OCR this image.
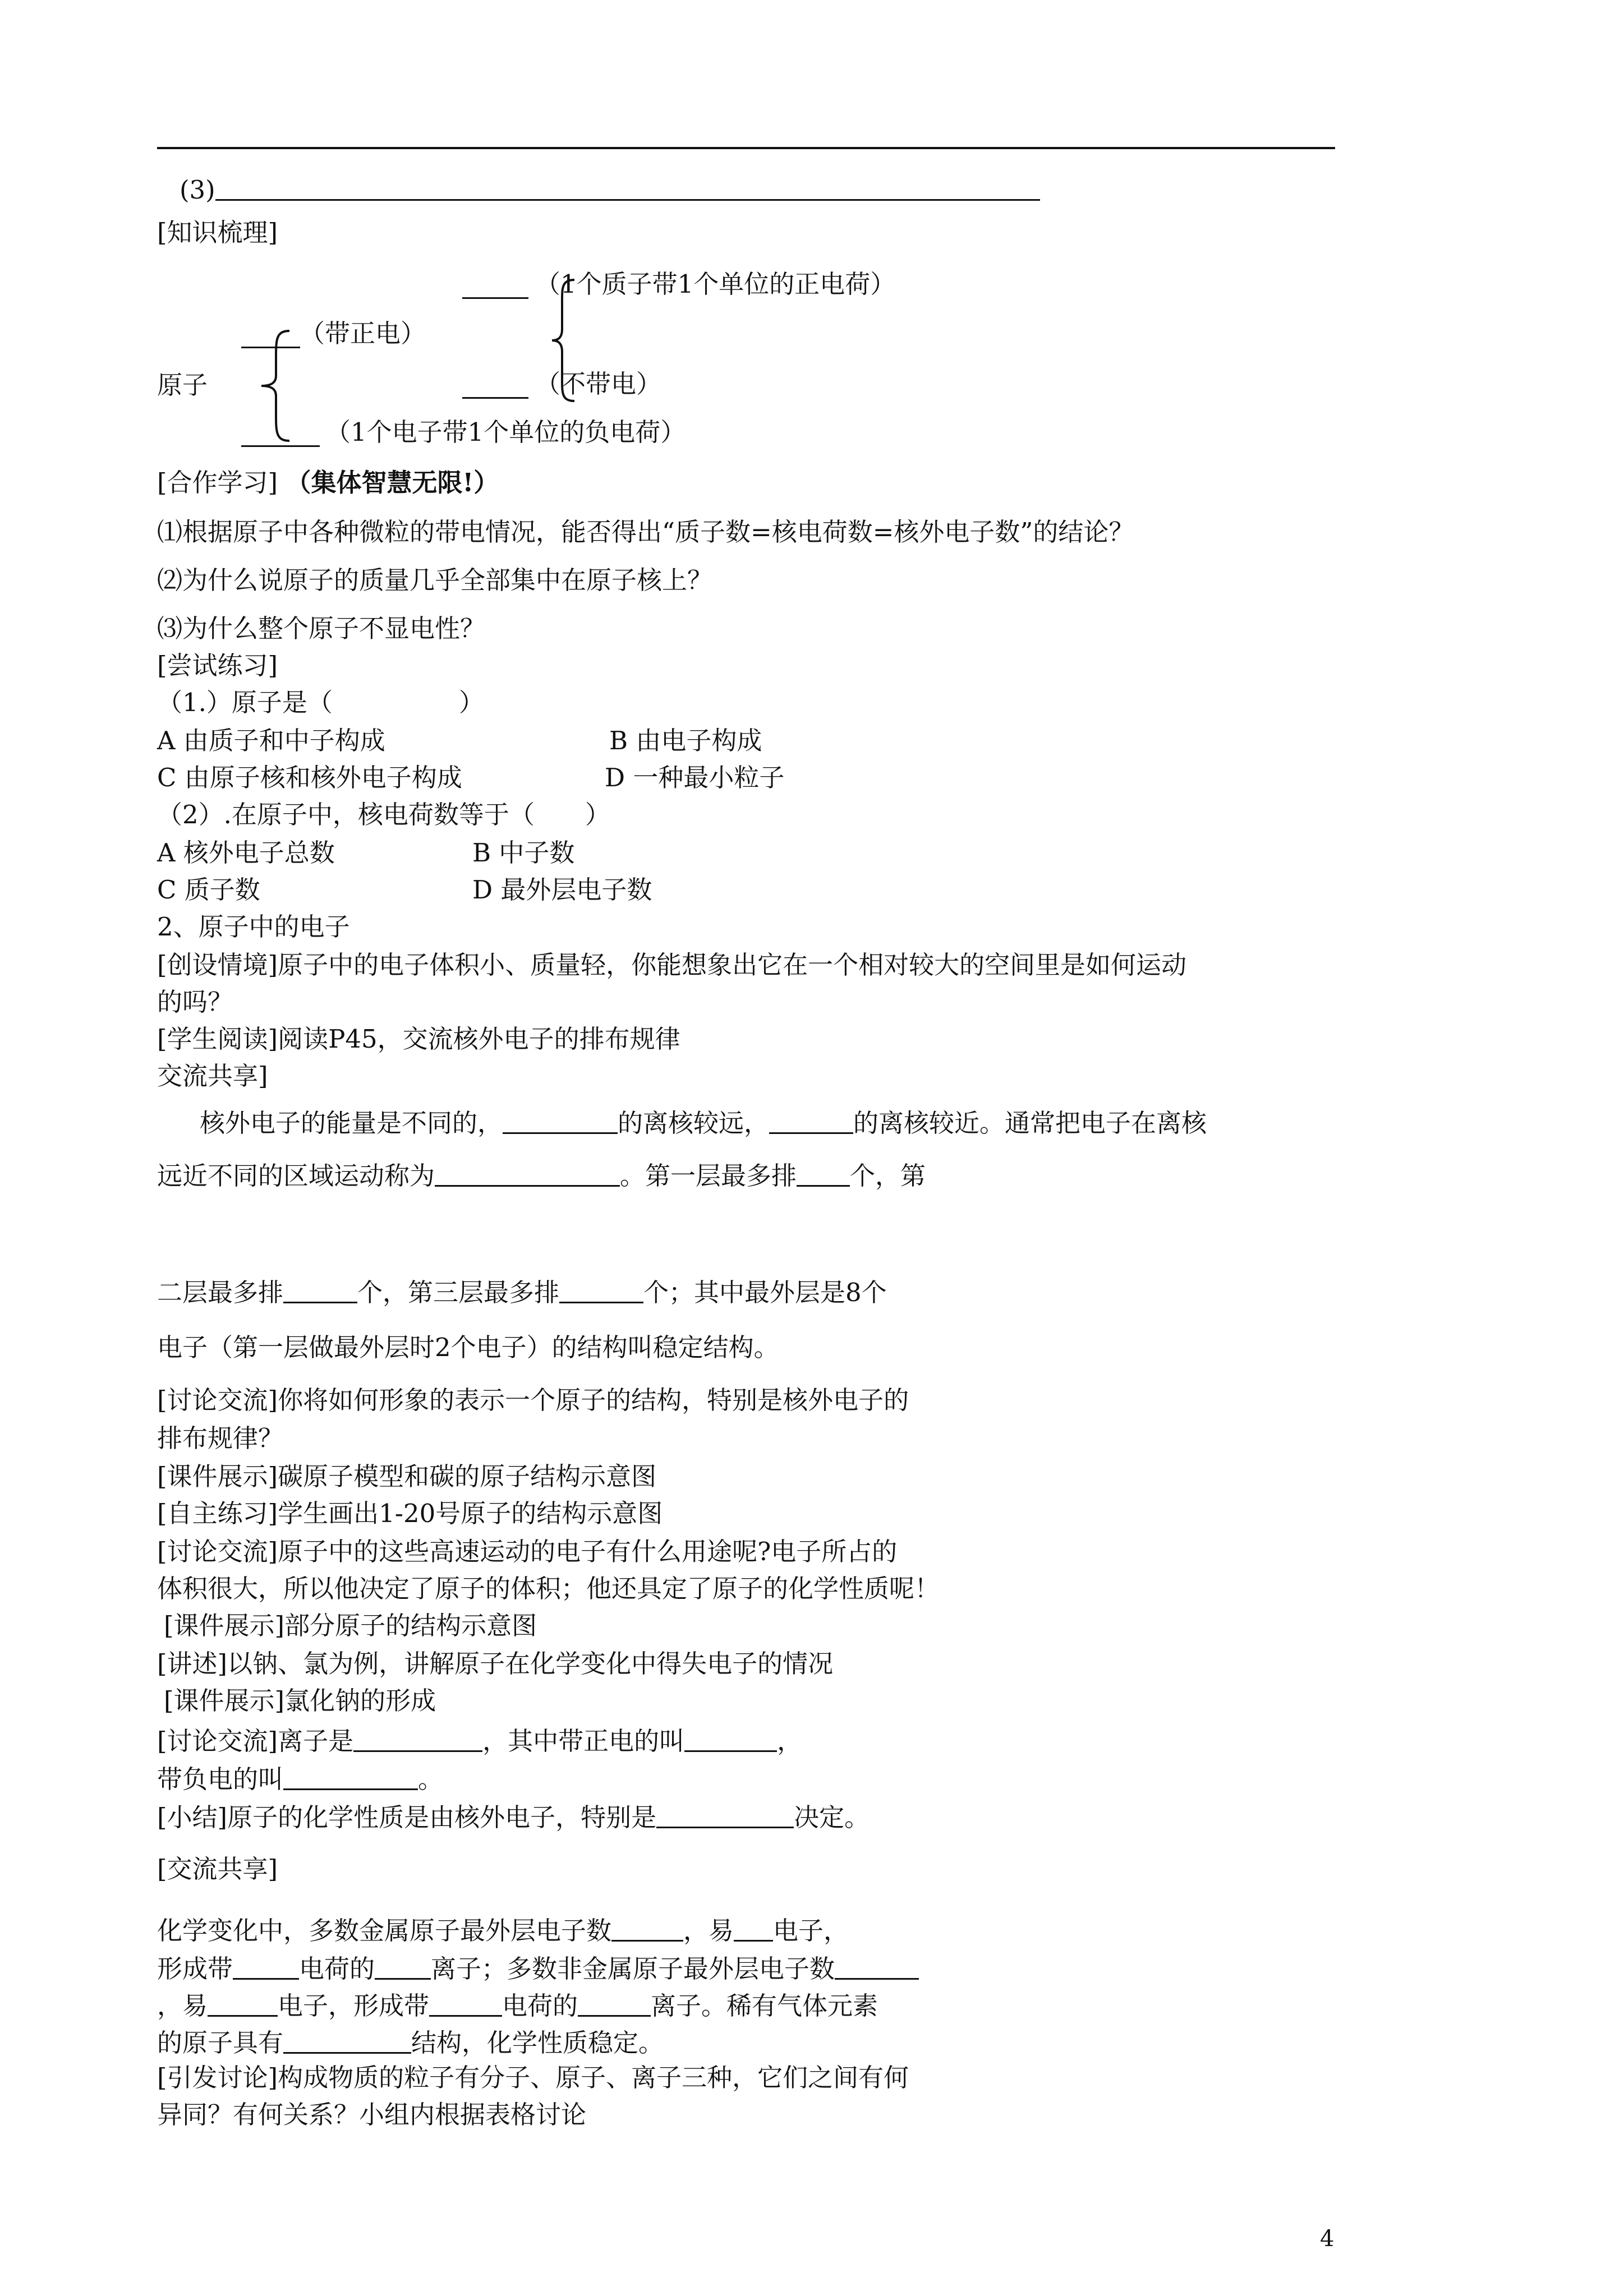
(3)
[知识梳理]
（1个质子带1个单位的正电荷）
（带正电）
原子	（不带电）
（1个电子带1个单位的负电荷）
[合作学习] （集体智慧无限!）
⑴根据原子中各种微粒的带电情况，能否得出“质子数=核电荷数=核外电子数”的结论？
⑵为什么说原子的质量几乎全部集中在原子核上？
⑶为什么整个原子不显电性？
[尝试练习]
（1.）原子是（　　　　　）
A 由质子和中子构成	B 由电子构成
C 由原子核和核外电子构成	D 一种最小粒子
（2）.在原子中，核电荷数等于（　　）
A 核外电子总数	B 中子数
C 质子数	D 最外层电子数
2、原子中的电子
[创设情境]原子中的电子体积小、质量轻，你能想象出它在一个相对较大的空间里是如何运动
的吗？
[学生阅读]阅读P45，交流核外电子的排布规律
交流共享]
核外电子的能量是不同的，	的离核较远，	的离核较近。通常把电子在离核
远近不同的区域运动称为	。第一层最多排 个，第
二层最多排	个，第三层最多排	个；其中最外层是8个
电子（第一层做最外层时2个电子）的结构叫稳定结构。
[讨论交流]你将如何形象的表示一个原子的结构，特别是核外电子的
排布规律？
[课件展示]碳原子模型和碳的原子结构示意图
[自主练习]学生画出1-20号原子的结构示意图
[讨论交流]原子中的这些高速运动的电子有什么用途呢?电子所占的
体积很大，所以他决定了原子的体积；他还具定了原子的化学性质呢！
[课件展示]部分原子的结构示意图
[讲述]以钠、氯为例，讲解原子在化学变化中得失电子的情况
[课件展示]氯化钠的形成
[讨论交流]离子是	，其中带正电的叫	，
带负电的叫	。
[小结]原子的化学性质是由核外电子，特别是	决定。
[交流共享]
化学变化中，多数金属原子最外层电子数	，易 电子，
形成带	电荷的 离子；多数非金属原子最外层电子数
，易	电子，形成带	电荷的	离子。稀有气体元素
的原子具有	结构，化学性质稳定。
[引发讨论]构成物质的粒子有分子、原子、离子三种，它们之间有何
异同？有何关系？小组内根据表格讨论
4
